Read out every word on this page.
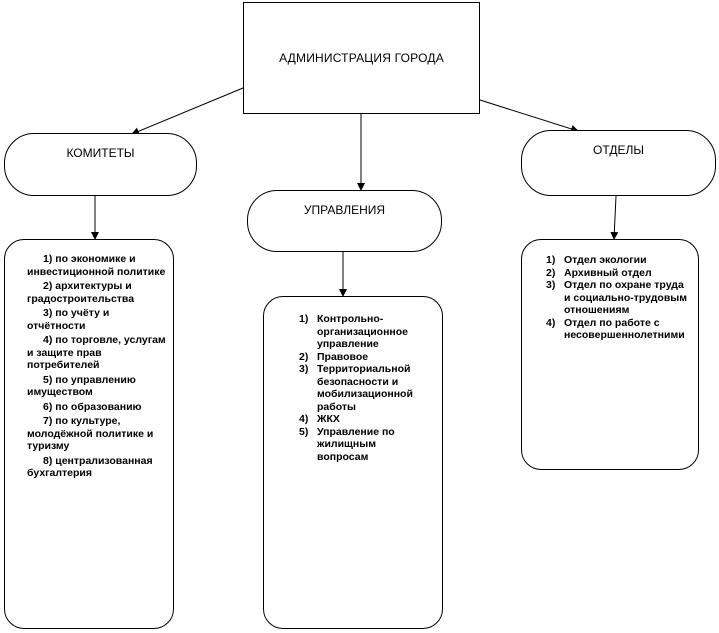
АДМИНИСТРАЦИЯ ГОРОДА
КОМИТЕТЫ
УПРАВЛЕНИЯ
ОТДЕЛЫ
1) по экономике и инвестиционной политике
2) архитектуры и градостроительства
3) по учёту и отчётности
4) по торговле, услугам и защите прав потребителей
5) по управлению имуществом
6) по образованию
7) по культуре, молодёжной политике и туризму
8) централизованная бухгалтерия
1) Контрольно-организационное управление
2) Правовое
3) Территориальной безопасности и мобилизационной работы
4) ЖКХ
5) Управление по жилищным вопросам
1) Отдел экологии
2) Архивный отдел
3) Отдел по охране труда и социально-трудовым отношениям
4) Отдел по работе с несовершеннолетними
